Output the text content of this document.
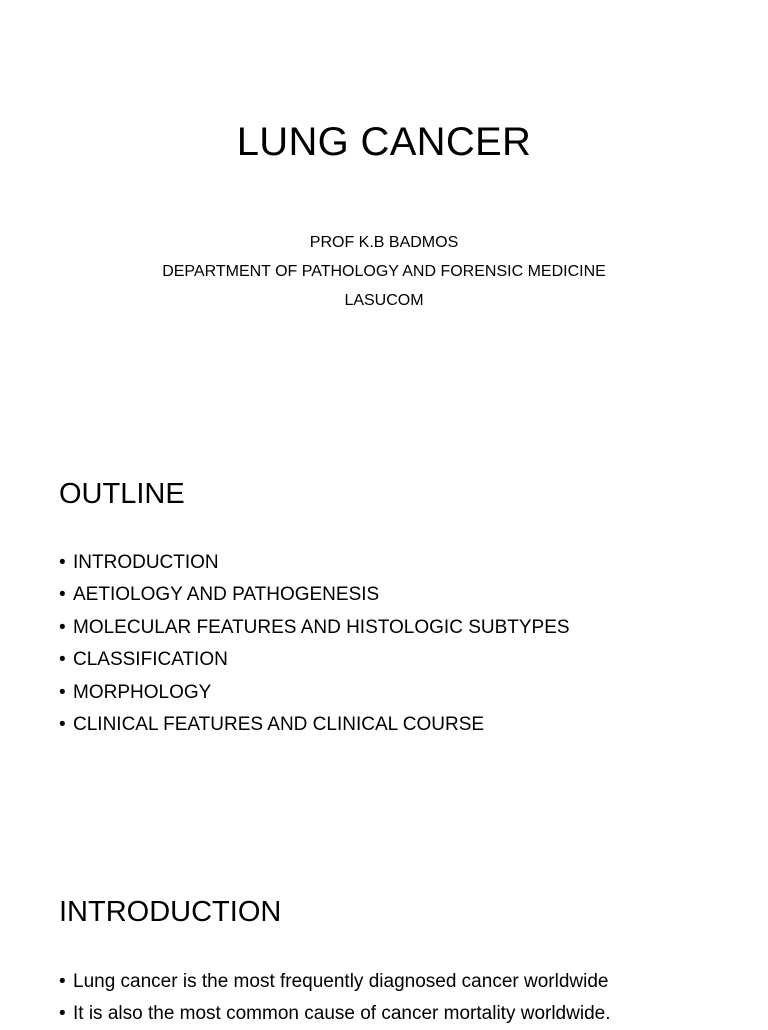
LUNG CANCER
PROF K.B BADMOS
DEPARTMENT OF PATHOLOGY AND FORENSIC MEDICINE
LASUCOM
OUTLINE
• INTRODUCTION
• AETIOLOGY AND PATHOGENESIS
• MOLECULAR FEATURES AND HISTOLOGIC SUBTYPES
• CLASSIFICATION
• MORPHOLOGY
• CLINICAL FEATURES AND CLINICAL COURSE
INTRODUCTION
• Lung cancer is the most frequently diagnosed cancer worldwide
• It is also the most common cause of cancer mortality worldwide.
